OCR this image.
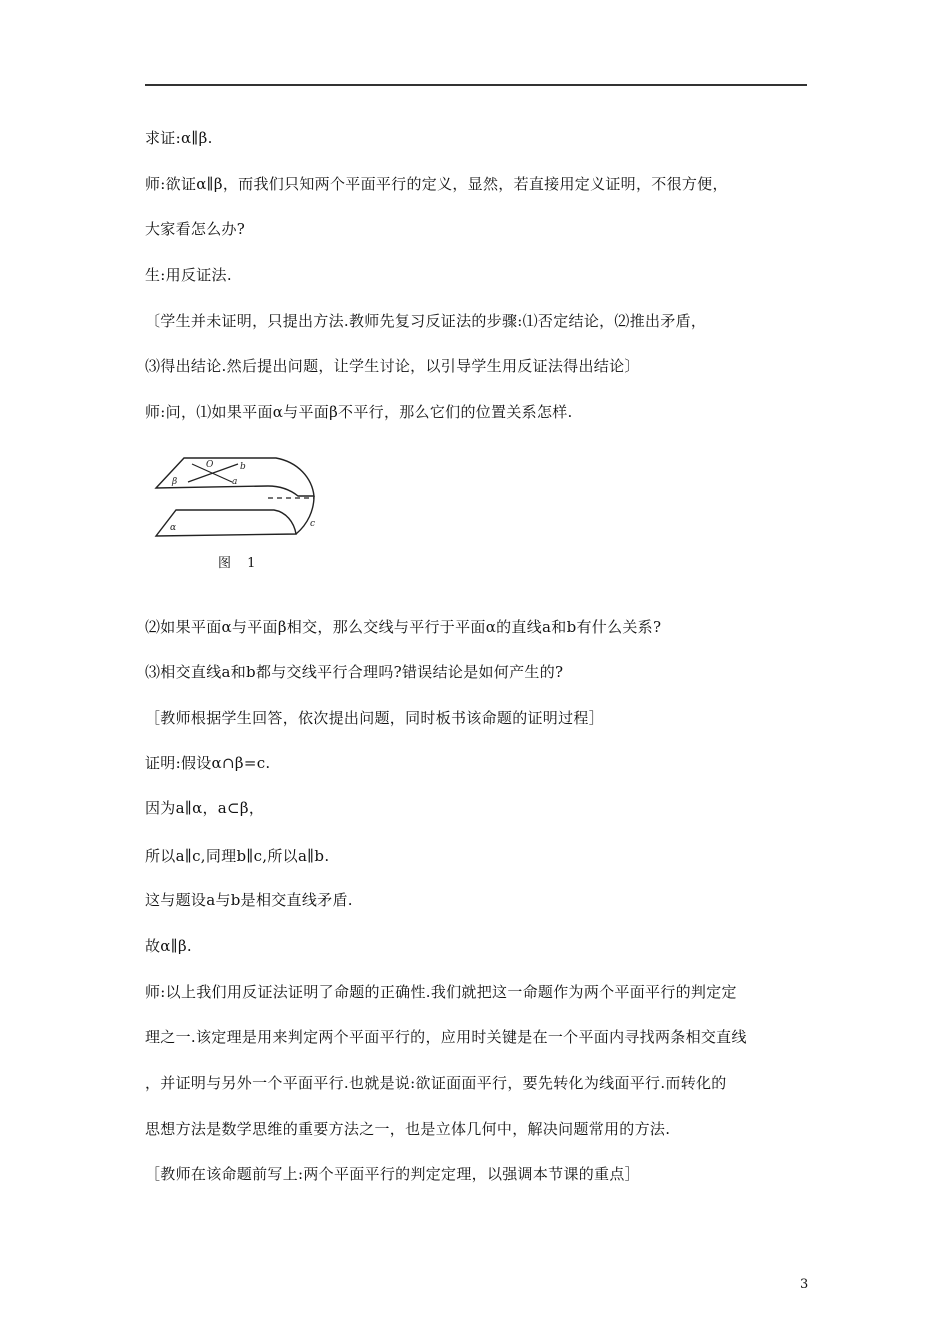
求证:α∥β.
师:欲证α∥β，而我们只知两个平面平行的定义，显然，若直接用定义证明，不很方便，
大家看怎么办?
生:用反证法.
〔学生并未证明，只提出方法.教师先复习反证法的步骤:⑴否定结论，⑵推出矛盾，
⑶得出结论.然后提出问题，让学生讨论，以引导学生用反证法得出结论〕
师:问，⑴如果平面α与平面β不平行，那么它们的位置关系怎样.
O	b
β	a
α	c
图 1
⑵如果平面α与平面β相交，那么交线与平行于平面α的直线a和b有什么关系?
⑶相交直线a和b都与交线平行合理吗?错误结论是如何产生的?
［教师根据学生回答，依次提出问题，同时板书该命题的证明过程］
证明:假设α∩β=c.
因为a∥α，a⊂β，
所以a∥c,同理b∥c,所以a∥b.
这与题设a与b是相交直线矛盾.
故α∥β.
师:以上我们用反证法证明了命题的正确性.我们就把这一命题作为两个平面平行的判定定
理之一.该定理是用来判定两个平面平行的，应用时关键是在一个平面内寻找两条相交直线
，并证明与另外一个平面平行.也就是说:欲证面面平行，要先转化为线面平行.而转化的
思想方法是数学思维的重要方法之一，也是立体几何中，解决问题常用的方法.
［教师在该命题前写上:两个平面平行的判定定理，以强调本节课的重点］
3
